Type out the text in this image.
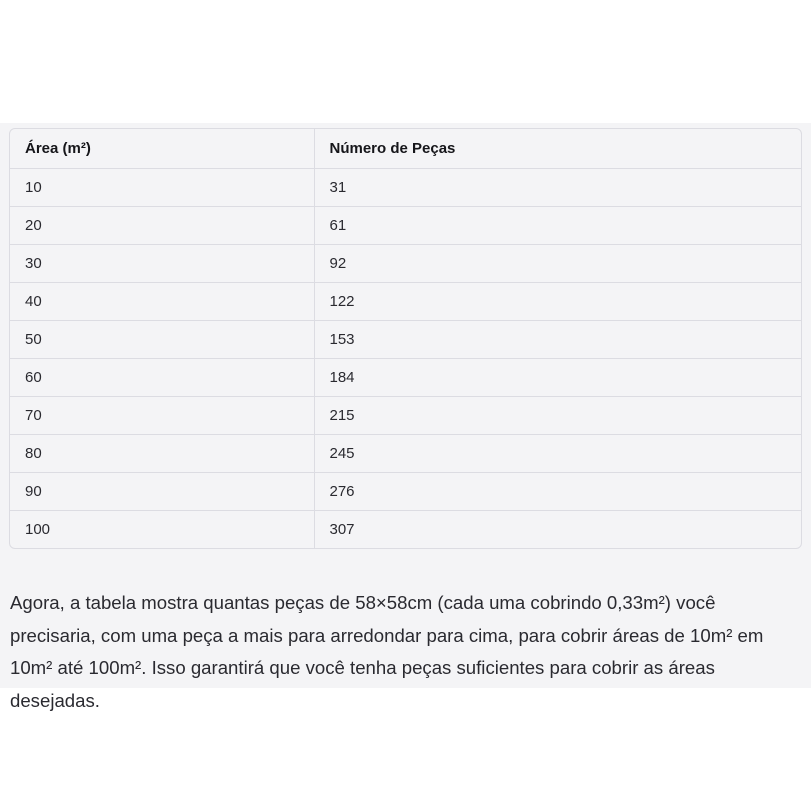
Área (m²)	Número de Peças
10	31
20	61
30	92
40	122
50	153
60	184
70	215
80	245
90	276
100	307

Agora, a tabela mostra quantas peças de 58×58cm (cada uma cobrindo 0,33m²) você precisaria, com uma peça a mais para arredondar para cima, para cobrir áreas de 10m² em 10m² até 100m². Isso garantirá que você tenha peças suficientes para cobrir as áreas desejadas.
